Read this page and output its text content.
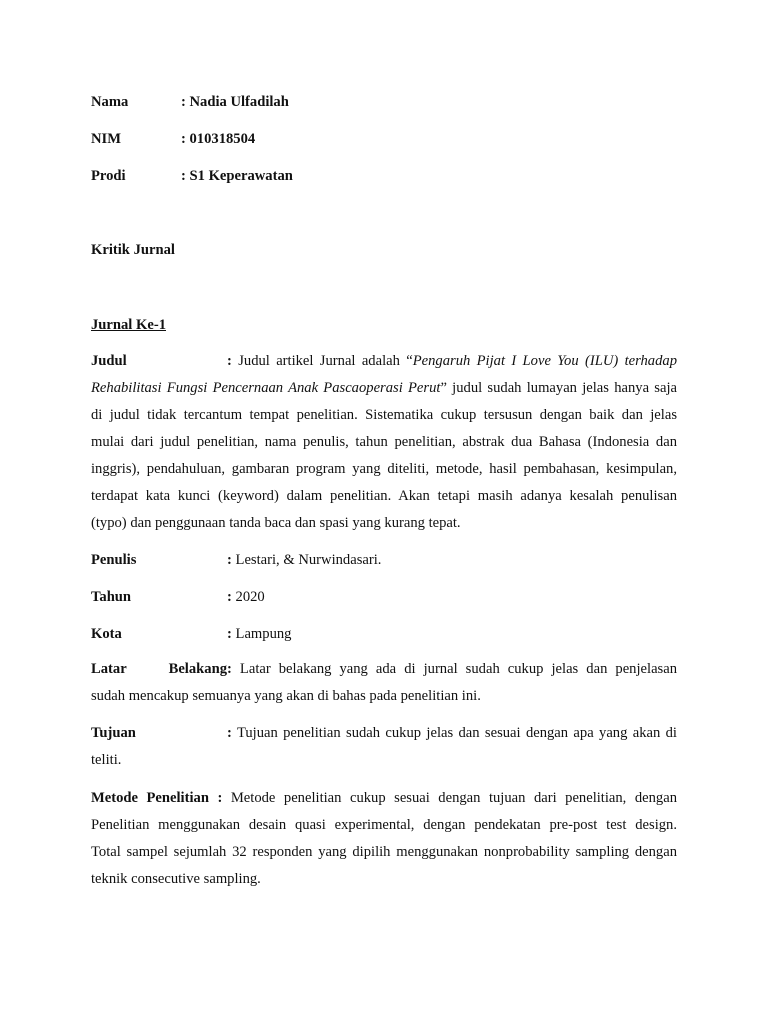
Nama	: Nadia Ulfadilah
NIM	: 010318504
Prodi	: S1 Keperawatan
Kritik Jurnal
Jurnal Ke-1
Judul	: Judul artikel Jurnal adalah “Pengaruh Pijat I Love You (ILU) terhadap
Rehabilitasi Fungsi Pencernaan Anak Pascaoperasi Perut” judul sudah lumayan jelas hanya saja
di judul tidak tercantum tempat penelitian. Sistematika cukup tersusun dengan baik dan jelas
mulai dari judul penelitian, nama penulis, tahun penelitian, abstrak dua Bahasa (Indonesia dan
inggris), pendahuluan, gambaran program yang diteliti, metode, hasil pembahasan, kesimpulan,
terdapat kata kunci (keyword) dalam penelitian. Akan tetapi masih adanya kesalah penulisan
(typo) dan penggunaan tanda baca dan spasi yang kurang tepat.
Penulis	: Lestari, & Nurwindasari.
Tahun	: 2020
Kota	: Lampung
Latar Belakang: Latar belakang yang ada di jurnal sudah cukup jelas dan penjelasan
sudah mencakup semuanya yang akan di bahas pada penelitian ini.
Tujuan	: Tujuan penelitian sudah cukup jelas dan sesuai dengan apa yang akan di
teliti.
Metode Penelitian : Metode penelitian cukup sesuai dengan tujuan dari penelitian, dengan
Penelitian menggunakan desain quasi experimental, dengan pendekatan pre-post test design.
Total sampel sejumlah 32 responden yang dipilih menggunakan nonprobability sampling dengan
teknik consecutive sampling.
